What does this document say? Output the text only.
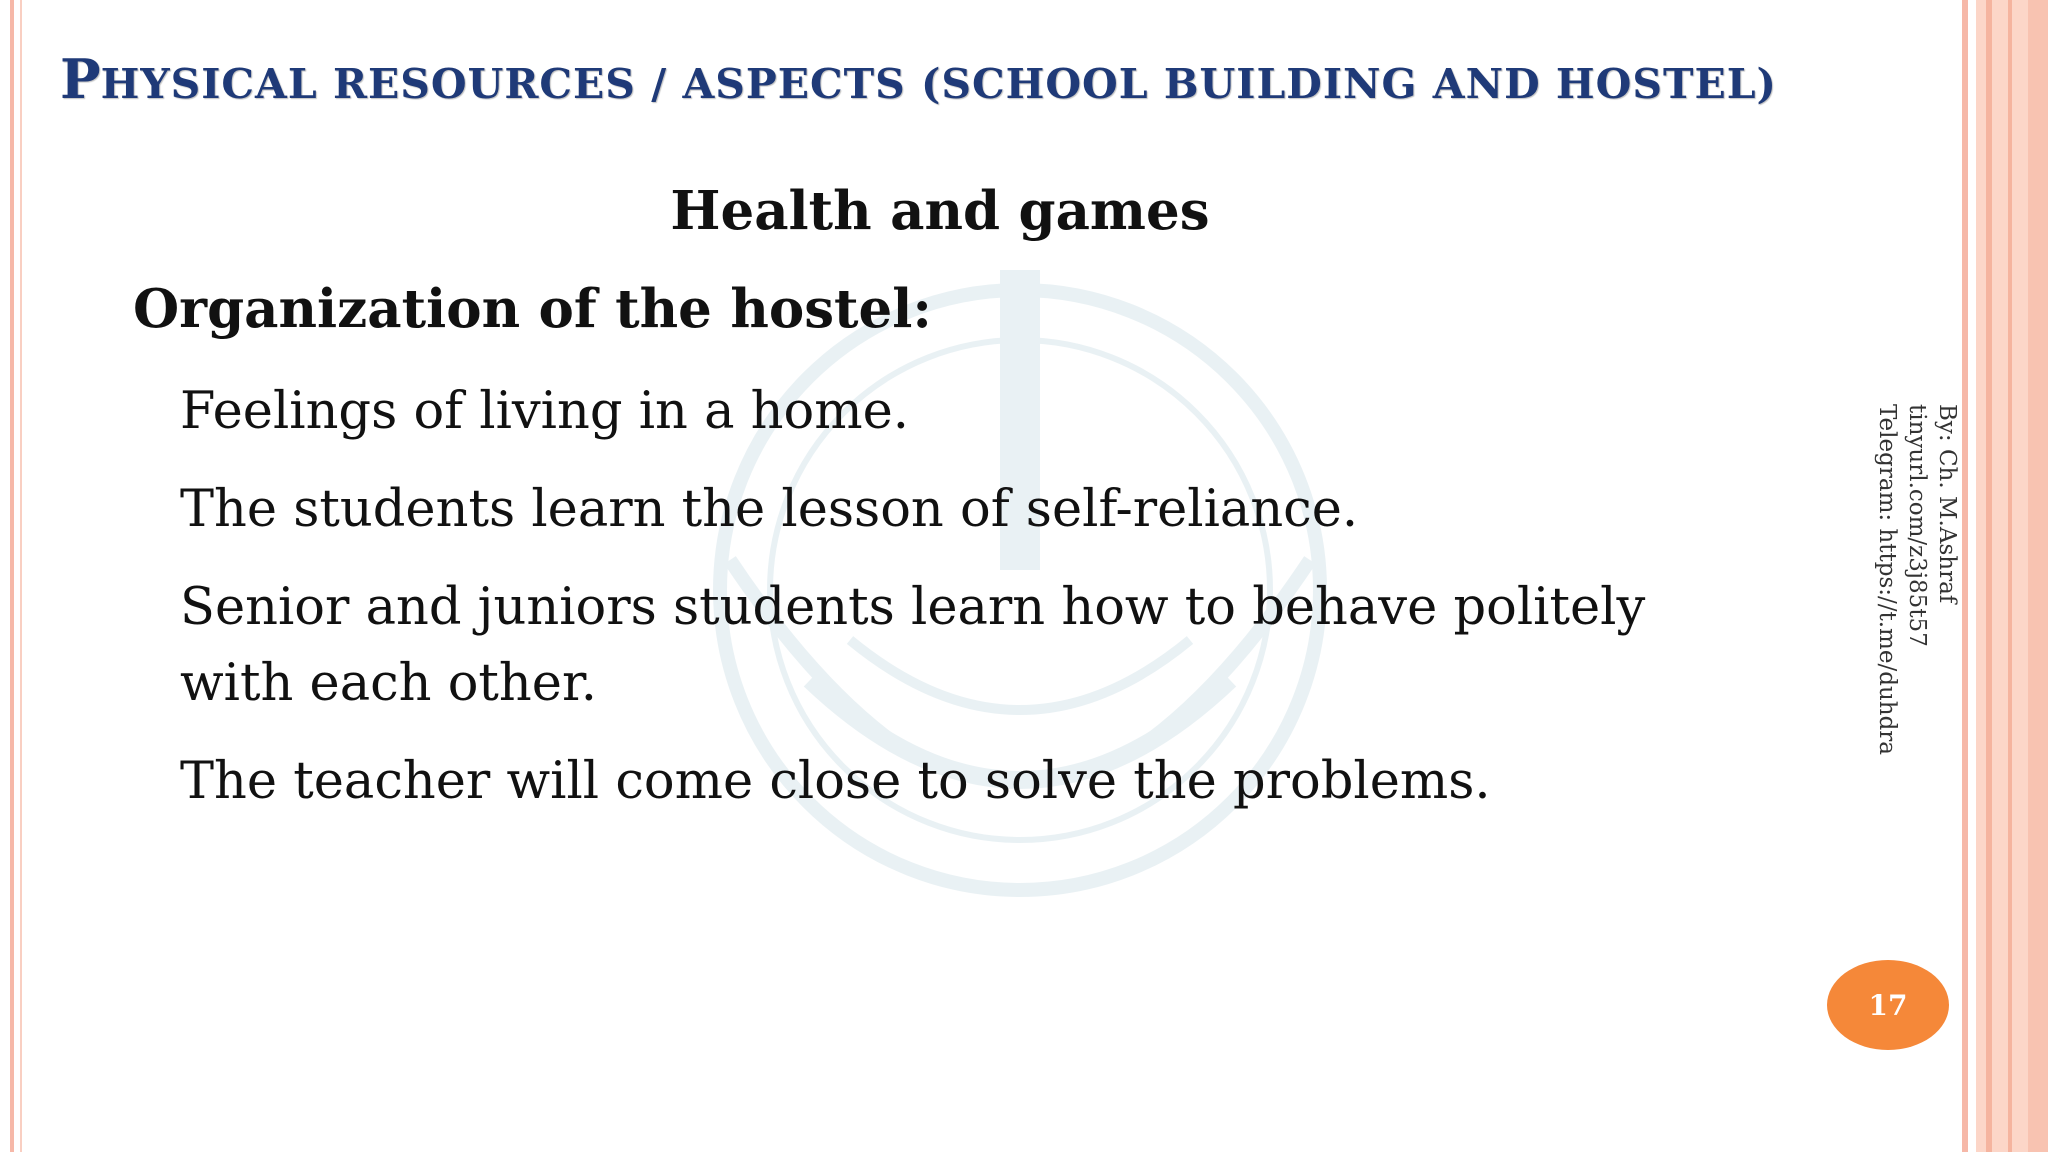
PHYSICAL RESOURCES / ASPECTS (SCHOOL BUILDING AND HOSTEL)
Health and games
Organization of the hostel:
Feelings of living in a home.
The students learn the lesson of self-reliance.
Senior and juniors students learn how to behave politely with each other.
The teacher will come close to solve the problems.
By: Ch. M.Ashraf
tinyurl.com/z3j85t57
Telegram: https://t.me/duhdra
17
